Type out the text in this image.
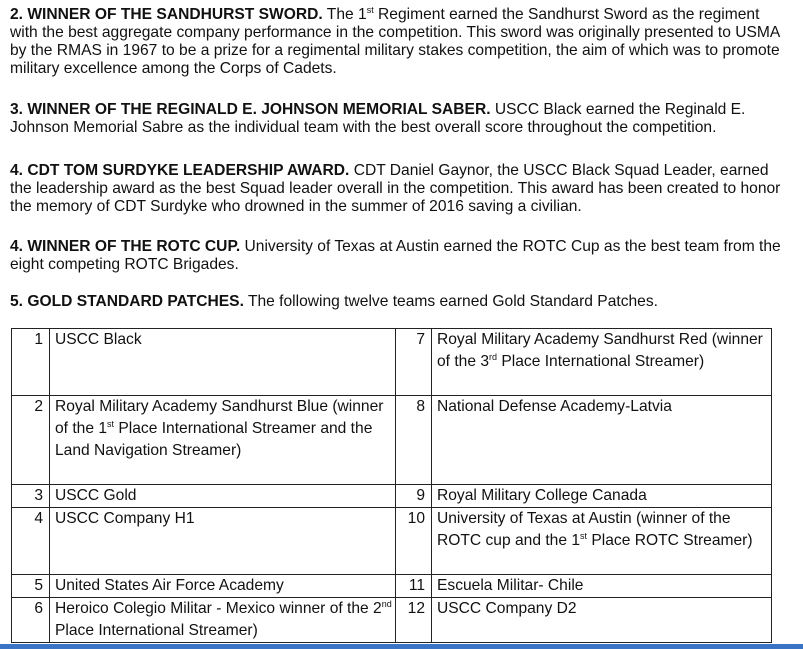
2. WINNER OF THE SANDHURST SWORD. The 1st Regiment earned the Sandhurst Sword as the regiment with the best aggregate company performance in the competition. This sword was originally presented to USMA by the RMAS in 1967 to be a prize for a regimental military stakes competition, the aim of which was to promote military excellence among the Corps of Cadets.

3. WINNER OF THE REGINALD E. JOHNSON MEMORIAL SABER. USCC Black earned the Reginald E. Johnson Memorial Sabre as the individual team with the best overall score throughout the competition.

4. CDT TOM SURDYKE LEADERSHIP AWARD. CDT Daniel Gaynor, the USCC Black Squad Leader, earned the leadership award as the best Squad leader overall in the competition. This award has been created to honor the memory of CDT Surdyke who drowned in the summer of 2016 saving a civilian.

4. WINNER OF THE ROTC CUP. University of Texas at Austin earned the ROTC Cup as the best team from the eight competing ROTC Brigades.

5. GOLD STANDARD PATCHES. The following twelve teams earned Gold Standard Patches.

1	USCC Black	7	Royal Military Academy Sandhurst Red (winner of the 3rd Place International Streamer)
2	Royal Military Academy Sandhurst Blue (winner of the 1st Place International Streamer and the Land Navigation Streamer)	8	National Defense Academy-Latvia
3	USCC Gold	9	Royal Military College Canada
4	USCC Company H1	10	University of Texas at Austin (winner of the ROTC cup and the 1st Place ROTC Streamer)
5	United States Air Force Academy	11	Escuela Militar- Chile
6	Heroico Colegio Militar - Mexico winner of the 2nd Place International Streamer)	12	USCC Company D2
